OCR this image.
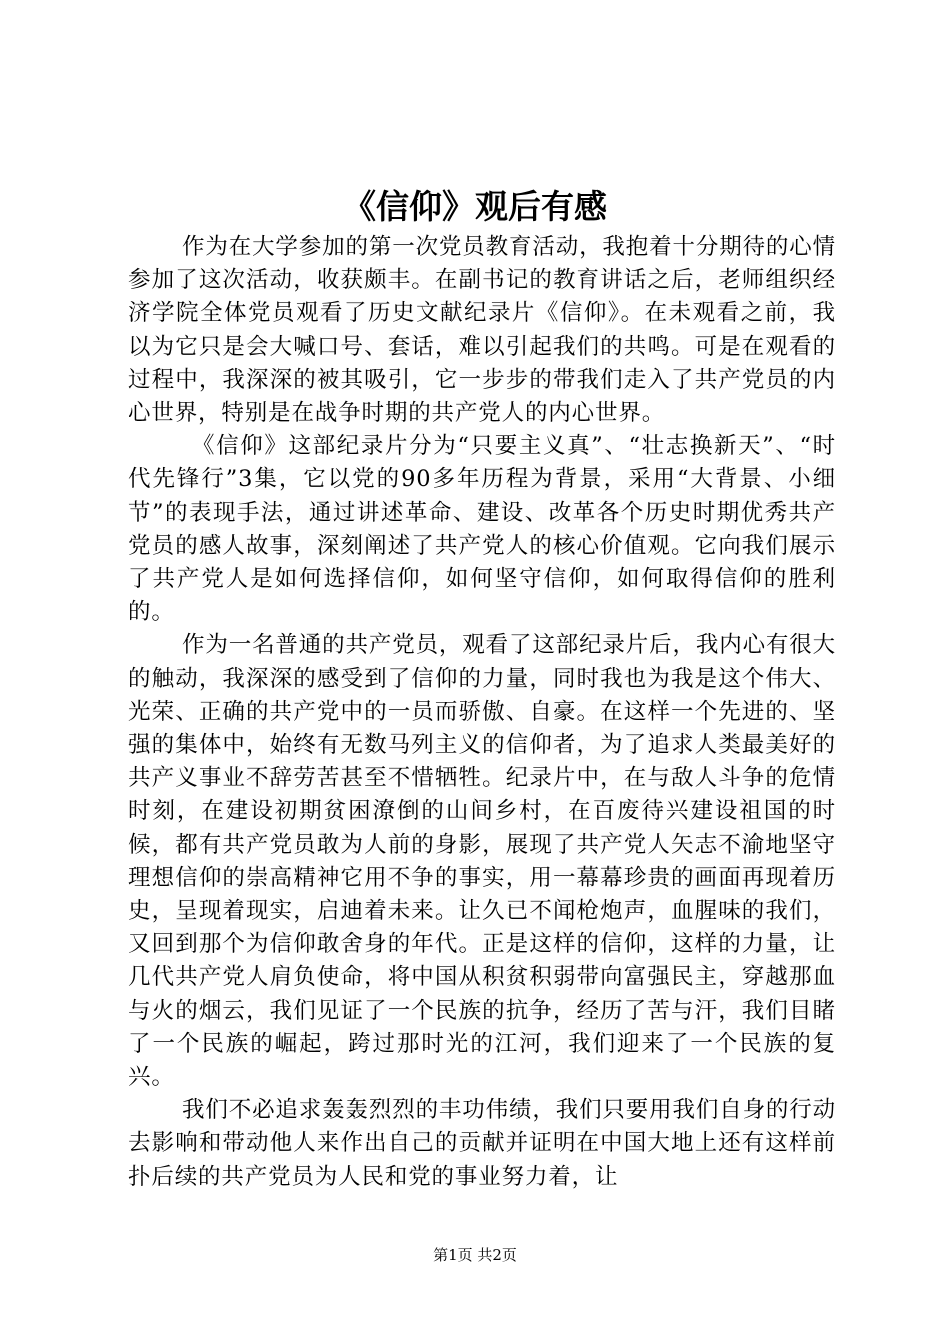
《信仰》观后有感

作为在大学参加的第一次党员教育活动，我抱着十分期待的心情参加了这次活动，收获颇丰。在副书记的教育讲话之后，老师组织经济学院全体党员观看了历史文献纪录片《信仰》。在未观看之前，我以为它只是会大喊口号、套话，难以引起我们的共鸣。可是在观看的过程中，我深深的被其吸引，它一步步的带我们走入了共产党员的内心世界，特别是在战争时期的共产党人的内心世界。

《信仰》这部纪录片分为“只要主义真”、“壮志换新天”、“时代先锋行”3集，它以党的90多年历程为背景，采用“大背景、小细节”的表现手法，通过讲述革命、建设、改革各个历史时期优秀共产党员的感人故事，深刻阐述了共产党人的核心价值观。它向我们展示了共产党人是如何选择信仰，如何坚守信仰，如何取得信仰的胜利的。

作为一名普通的共产党员，观看了这部纪录片后，我内心有很大的触动，我深深的感受到了信仰的力量，同时我也为我是这个伟大、光荣、正确的共产党中的一员而骄傲、自豪。在这样一个先进的、坚强的集体中，始终有无数马列主义的信仰者，为了追求人类最美好的共产义事业不辞劳苦甚至不惜牺牲。纪录片中，在与敌人斗争的危情时刻，在建设初期贫困潦倒的山间乡村，在百废待兴建设祖国的时候，都有共产党员敢为人前的身影，展现了共产党人矢志不渝地坚守理想信仰的崇高精神它用不争的事实，用一幕幕珍贵的画面再现着历史，呈现着现实，启迪着未来。让久已不闻枪炮声，血腥味的我们，又回到那个为信仰敢舍身的年代。正是这样的信仰，这样的力量，让几代共产党人肩负使命，将中国从积贫积弱带向富强民主，穿越那血与火的烟云，我们见证了一个民族的抗争，经历了苦与汗，我们目睹了一个民族的崛起，跨过那时光的江河，我们迎来了一个民族的复兴。

我们不必追求轰轰烈烈的丰功伟绩，我们只要用我们自身的行动去影响和带动他人来作出自己的贡献并证明在中国大地上还有这样前扑后续的共产党员为人民和党的事业努力着，让

第1页 共2页
